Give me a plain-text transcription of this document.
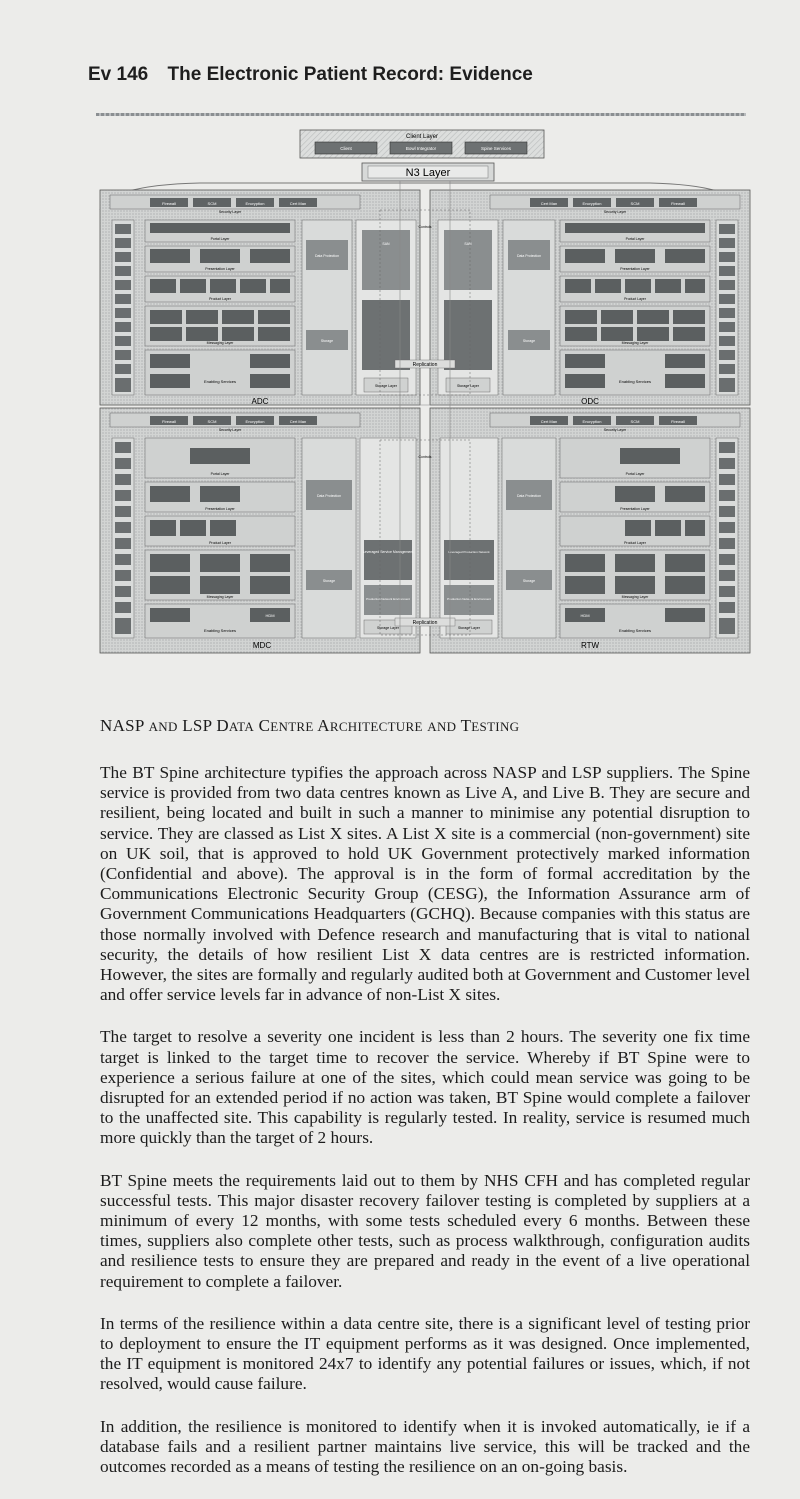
Ev 146 The Electronic Patient Record: Evidence
Client Layer
Client	Bowl Integrator	Spine Services
N3 Layer
Firewall	SCM	Encryption	Cert Man
Security Layer
Portal Layer
Presentation Layer
Product Layer
Messaging Layer
Enabling Services
Data Protection
Storage
SAN
Storage Layer
ADC
Cert Man	Encryption	SCM	Firewall
Security Layer
Portal Layer
Presentation Layer
Product Layer
Messaging Layer
Enabling Services
Data Protection
Storage
SAN
Storage Layer
ODC
Controls
Replication
Firewall	SCM	Encryption	Cert Man
Security Layer
Portal Layer
Presentation Layer
Product Layer
Messaging Layer
HDM
Enabling Services
Data Protection
Storage
Leveraged Service Management
Production Network Environment
Storage Layer
MDC
Cert Man	Encryption	SCM	Firewall
Security Layer
Portal Layer
Presentation Layer
Product Layer
Messaging Layer
HDM
Enabling Services
Data Protection
Storage
Leveraged Production Network
Production Network Environment
Storage Layer
RTW
Controls
Replication
NASP AND LSP DATA CENTRE ARCHITECTURE AND TESTING

The BT Spine architecture typifies the approach across NASP and LSP suppliers. The Spine service is provided from two data centres known as Live A, and Live B. They are secure and resilient, being located and built in such a manner to minimise any potential disruption to service. They are classed as List X sites. A List X site is a commercial (non-government) site on UK soil, that is approved to hold UK Government protectively marked information (Confidential and above). The approval is in the form of formal accreditation by the Communications Electronic Security Group (CESG), the Information Assurance arm of Government Communications Headquarters (GCHQ). Because companies with this status are those normally involved with Defence research and manufacturing that is vital to national security, the details of how resilient List X data centres are is restricted information. However, the sites are formally and regularly audited both at Government and Customer level and offer service levels far in advance of non-List X sites.

The target to resolve a severity one incident is less than 2 hours. The severity one fix time target is linked to the target time to recover the service. Whereby if BT Spine were to experience a serious failure at one of the sites, which could mean service was going to be disrupted for an extended period if no action was taken, BT Spine would complete a failover to the unaffected site. This capability is regularly tested. In reality, service is resumed much more quickly than the target of 2 hours.

BT Spine meets the requirements laid out to them by NHS CFH and has completed regular successful tests. This major disaster recovery failover testing is completed by suppliers at a minimum of every 12 months, with some tests scheduled every 6 months. Between these times, suppliers also complete other tests, such as process walkthrough, configuration audits and resilience tests to ensure they are prepared and ready in the event of a live operational requirement to complete a failover.

In terms of the resilience within a data centre site, there is a significant level of testing prior to deployment to ensure the IT equipment performs as it was designed. Once implemented, the IT equipment is monitored 24x7 to identify any potential failures or issues, which, if not resolved, would cause failure.

In addition, the resilience is monitored to identify when it is invoked automatically, ie if a database fails and a resilient partner maintains live service, this will be tracked and the outcomes recorded as a means of testing the resilience on an on-going basis.
